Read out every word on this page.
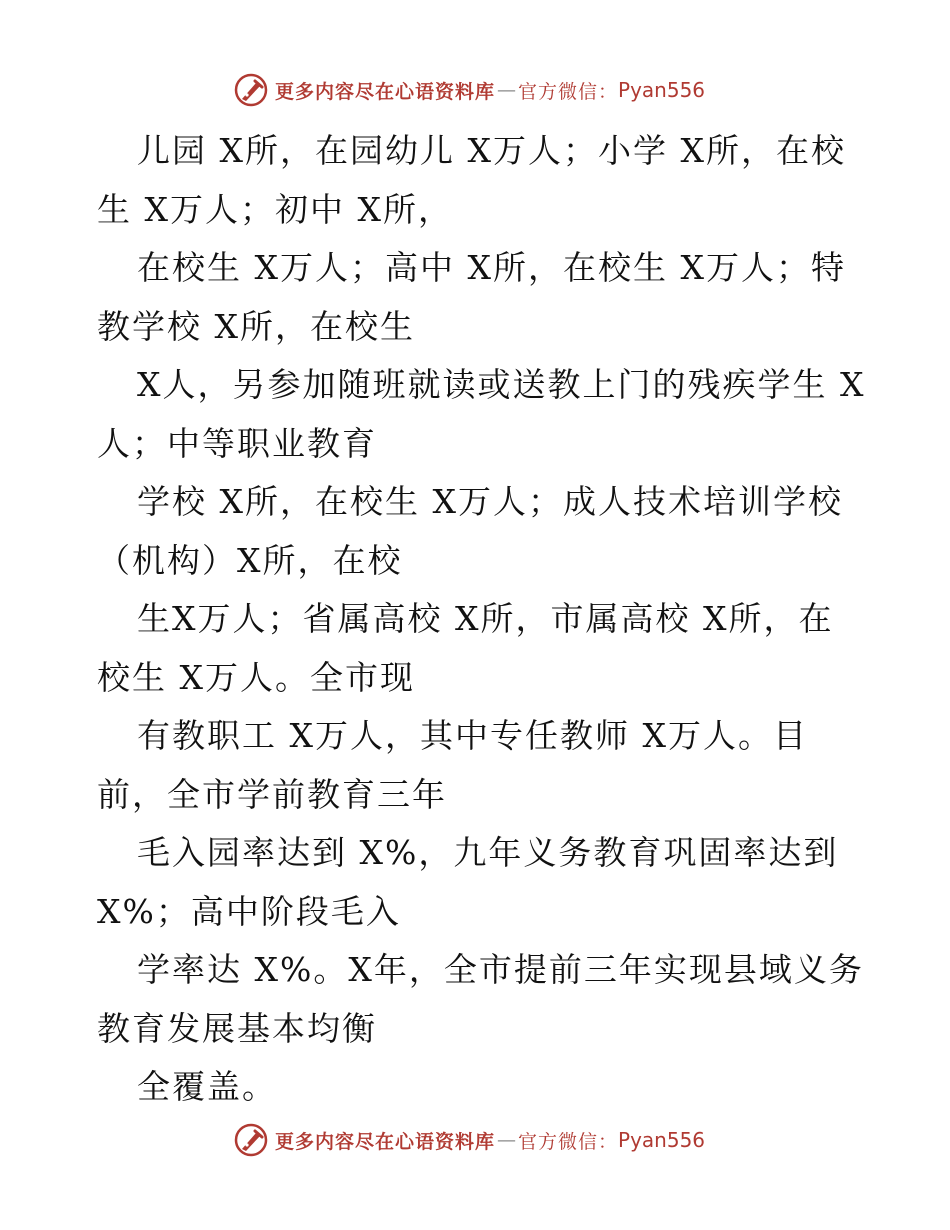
更多内容尽在心语资料库 — 官方微信： Pyan556
儿园 X所，在园幼儿 X万人；小学 X所，在校
生 X万人；初中 X所，
在校生 X万人；高中 X所，在校生 X万人；特
教学校 X所，在校生
X人，另参加随班就读或送教上门的残疾学生 X
人；中等职业教育
学校 X所，在校生 X万人；成人技术培训学校
（机构）X所，在校
生X万人；省属高校 X所，市属高校 X所，在
校生 X万人。全市现
有教职工 X万人，其中专任教师 X万人。目
前，全市学前教育三年
毛入园率达到 X%，九年义务教育巩固率达到
X%；高中阶段毛入
学率达 X%。X年，全市提前三年实现县域义务
教育发展基本均衡
全覆盖。
更多内容尽在心语资料库 — 官方微信： Pyan556
